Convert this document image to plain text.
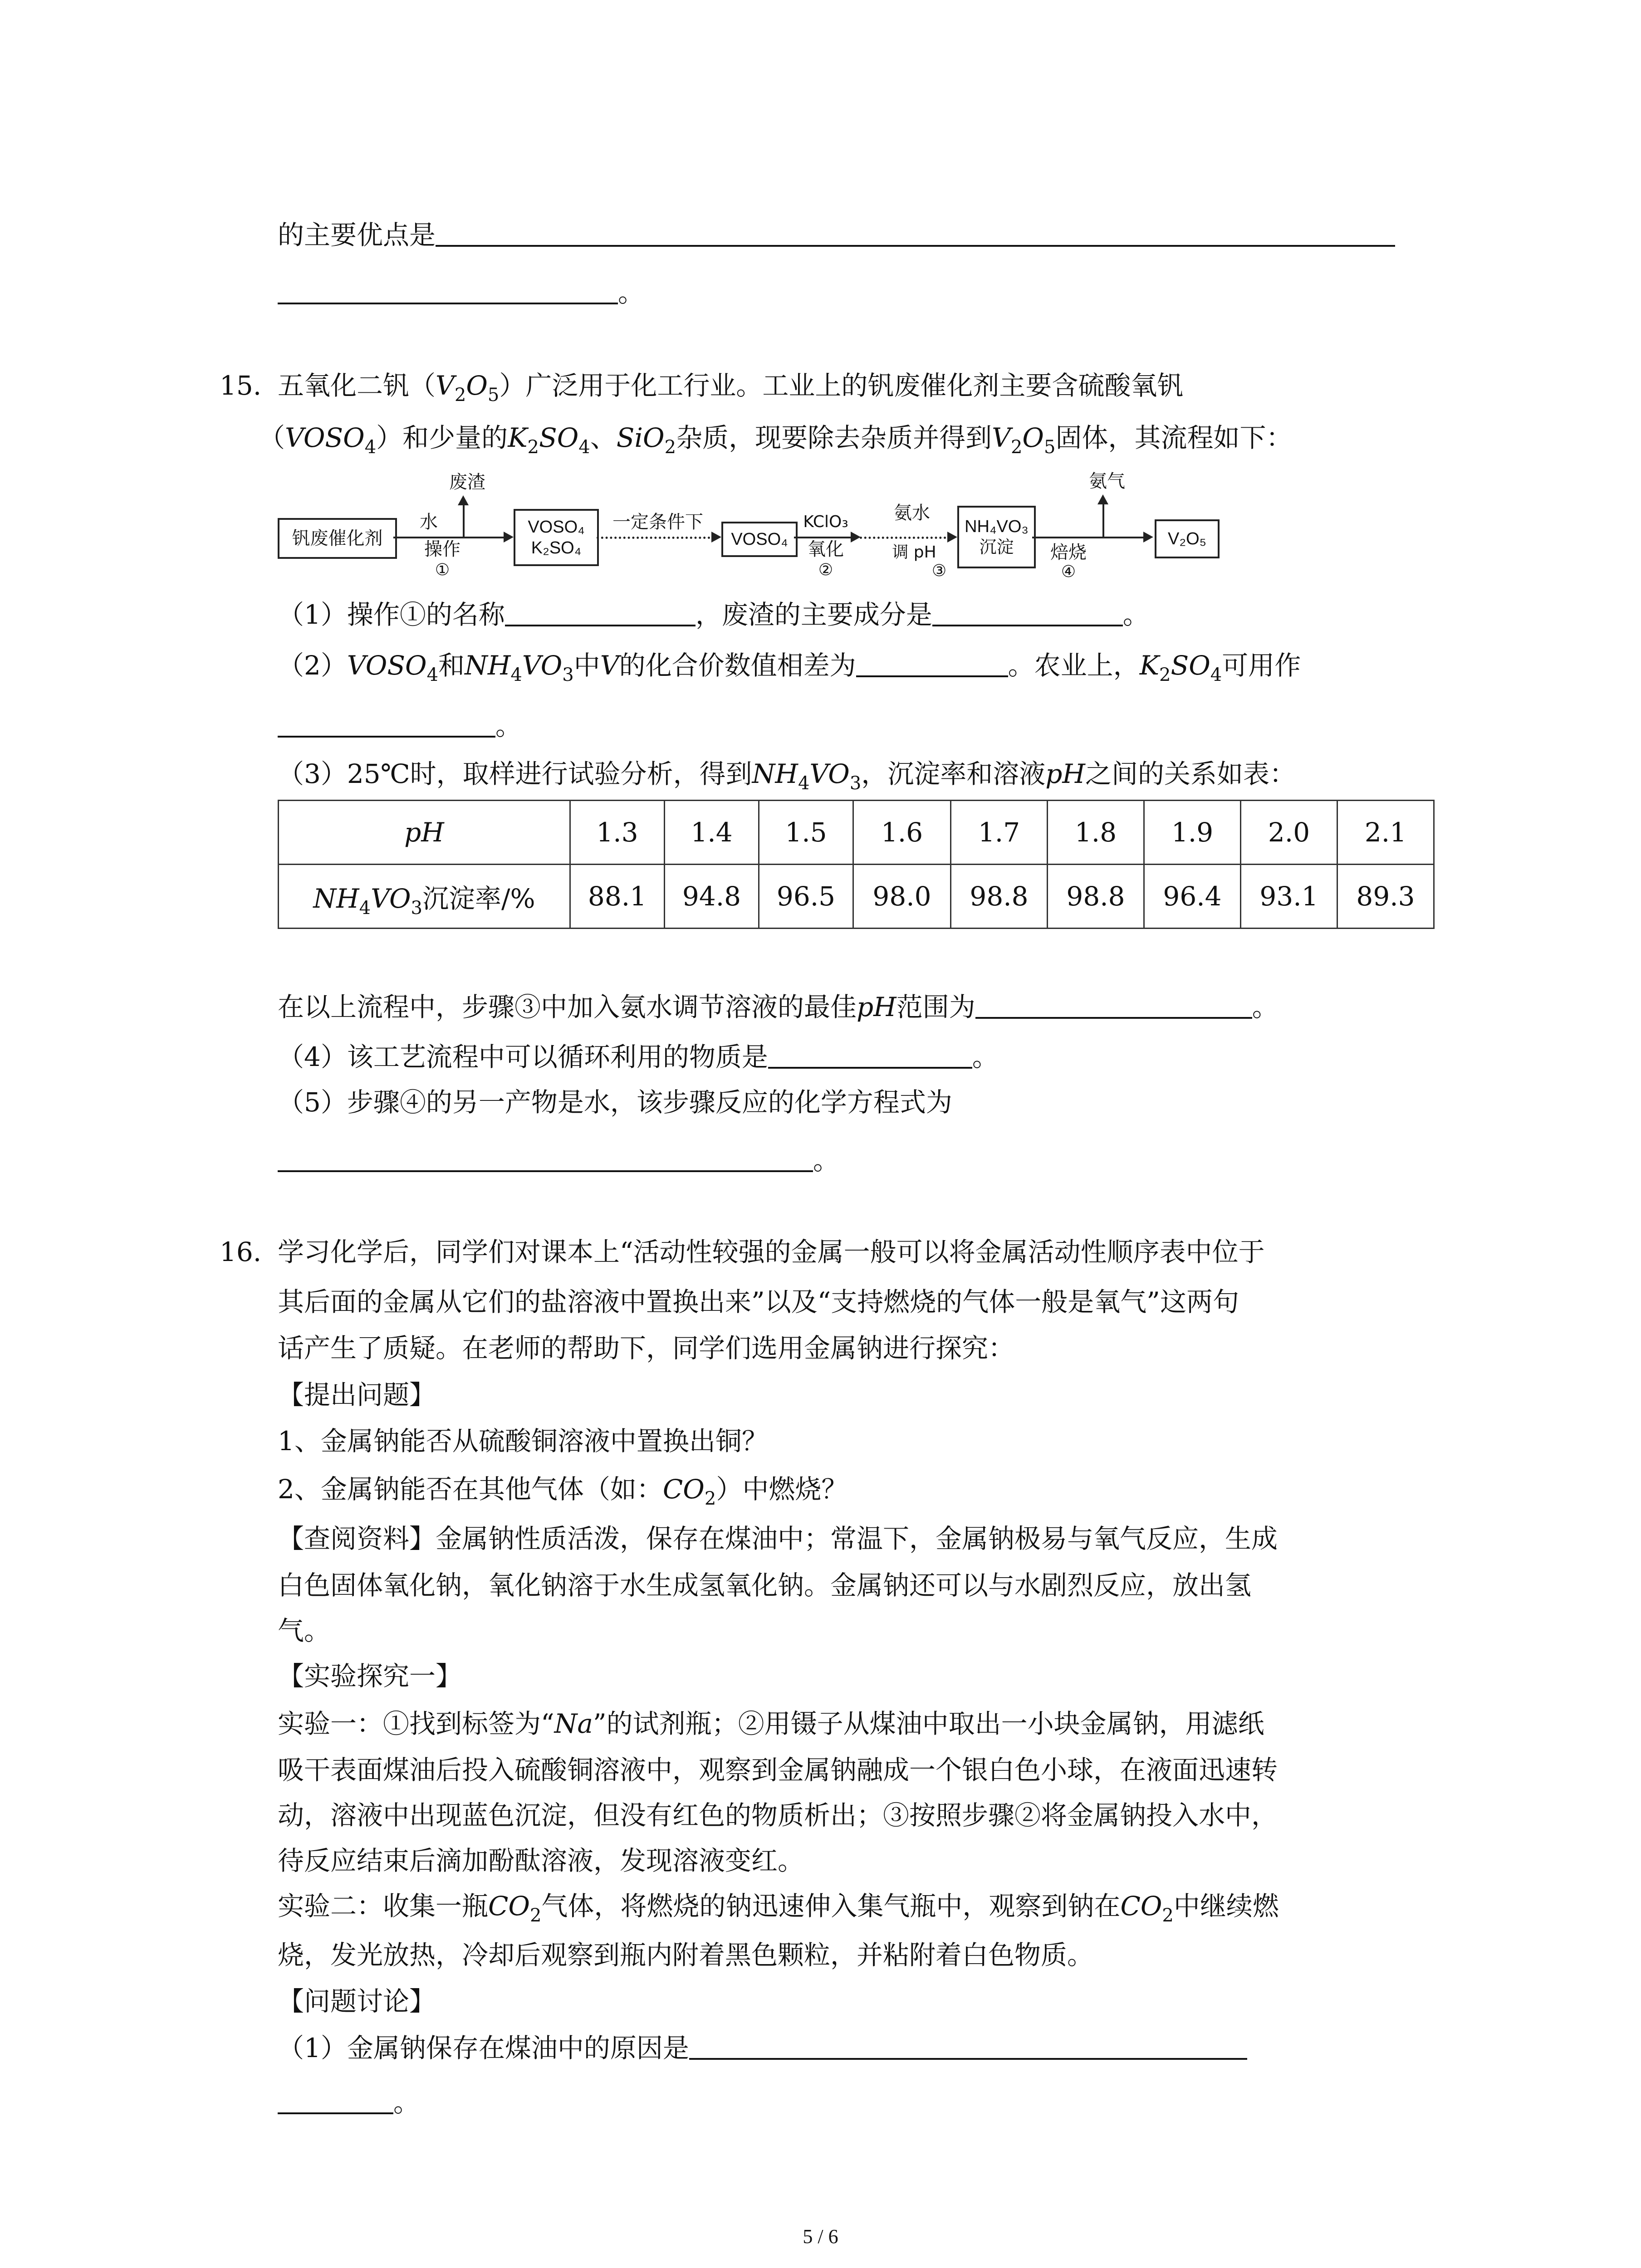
的主要优点是
。
15. 五氧化二钒$(V_2O_5)$广泛用于化工行业。工业上的钒废催化剂主要含硫酸氧钒
$(VOSO_4)$和少量的$K_2SO_4$、SiO$_2$杂质，现要除去杂质并得到$V_2O_5$固体，其流程如下：
钒废催化剂
废渣
水
操作
①
VOSO₄
K₂SO₄
一定条件下
VOSO₄
KClO₃
氧化
②
氨水
调 pH
③
NH₄VO₃
沉淀
氨气
焙烧
④
V₂O₅
（1）操作①的名称	，废渣的主要成分是	。
$(2)VOSO_4$和$NH_4VO_3$中V的化合价数值相差为	。农业上，$K_2SO_4$可用作
。
（3）25℃时，取样进行试验分析，得到$NH_4VO_3$，沉淀率和溶液pH之间的关系如表：
pH	1.3	1.4	1.5	1.6	1.7	1.8	1.9	2.0	2.1
$NH_4VO_3$沉淀率/%	88.1	94.8	96.5	98.0	98.8	98.8	96.4	93.1	89.3
在以上流程中，步骤③中加入氨水调节溶液的最佳pH范围为	。
（4）该工艺流程中可以循环利用的物质是	。
（5）步骤④的另一产物是水，该步骤反应的化学方程式为
。
16. 学习化学后，同学们对课本上“活动性较强的金属一般可以将金属活动性顺序表中位于
其后面的金属从它们的盐溶液中置换出来”以及“支持燃烧的气体一般是氧气”这两句
话产生了质疑。在老师的帮助下，同学们选用金属钠进行探究：
【提出问题】
1、金属钠能否从硫酸铜溶液中置换出铜？
2、金属钠能否在其他气体（如：$CO_2$）中燃烧？
【查阅资料】金属钠性质活泼，保存在煤油中；常温下，金属钠极易与氧气反应，生成
白色固体氧化钠，氧化钠溶于水生成氢氧化钠。金属钠还可以与水剧烈反应，放出氢
气。
【实验探究一】
实验一：①找到标签为“Na”的试剂瓶；②用镊子从煤油中取出一小块金属钠，用滤纸
吸干表面煤油后投入硫酸铜溶液中，观察到金属钠融成一个银白色小球，在液面迅速转
动，溶液中出现蓝色沉淀，但没有红色的物质析出；③按照步骤②将金属钠投入水中，
待反应结束后滴加酚酞溶液，发现溶液变红。
实验二：收集一瓶$CO_2$气体，将燃烧的钠迅速伸入集气瓶中，观察到钠在$CO_2$中继续燃
烧，发光放热，冷却后观察到瓶内附着黑色颗粒，并粘附着白色物质。
【问题讨论】
（1）金属钠保存在煤油中的原因是
。
5 / 6
